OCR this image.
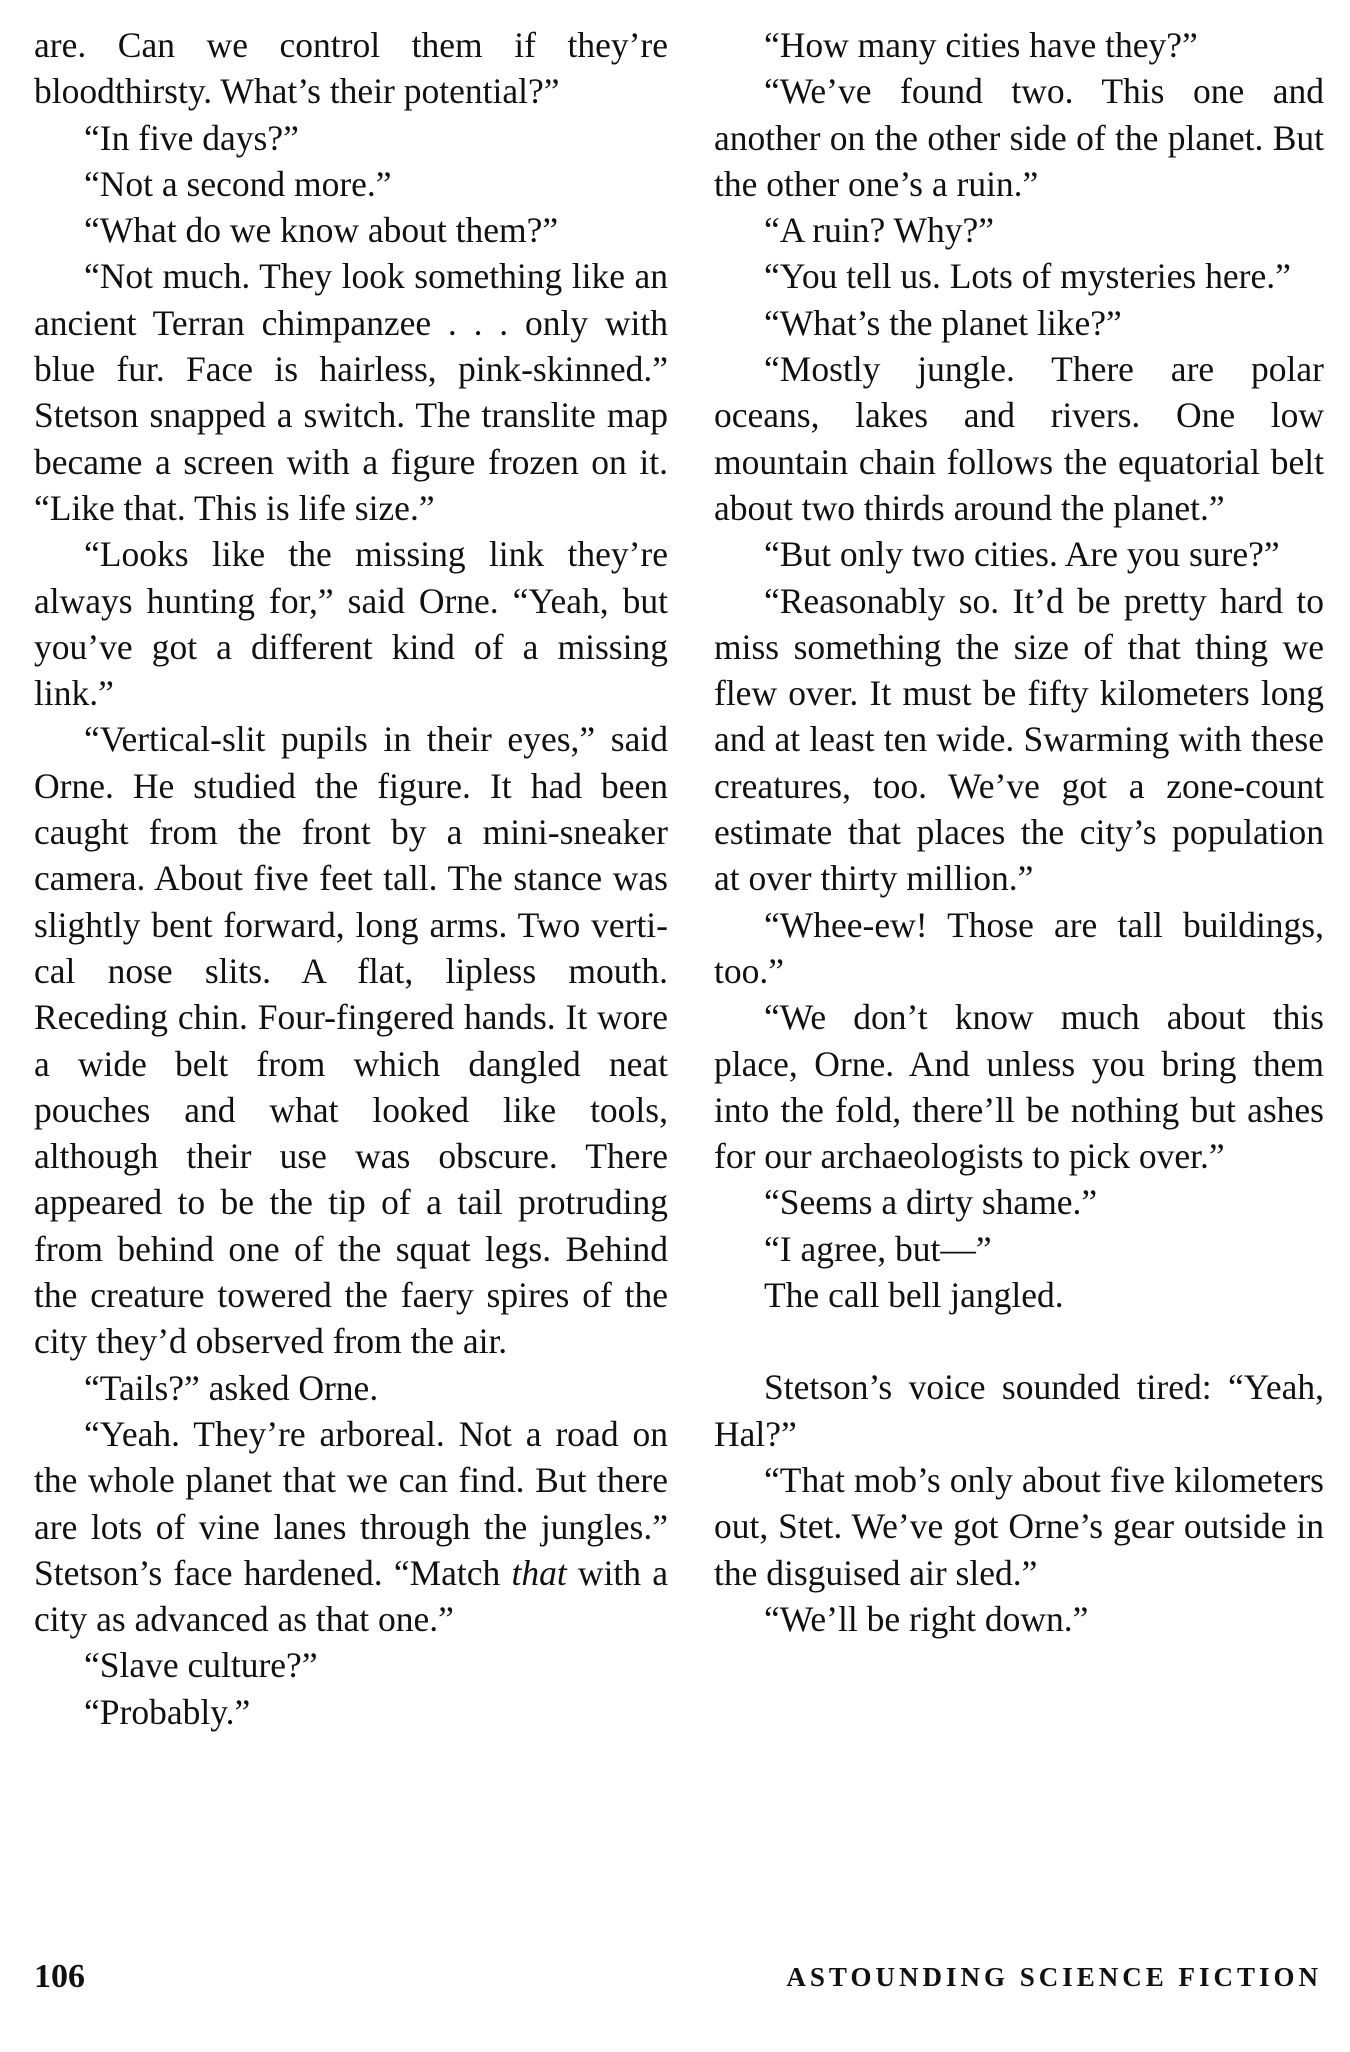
are. Can we control them if they’re bloodthirsty. What’s their potential?”

“In five days?”

“Not a second more.”

“What do we know about them?”

“Not much. They look something like an ancient Terran chimpanzee . . . only with blue fur. Face is hairless, pink-skinned.” Stetson snapped a switch. The translite map became a screen with a figure frozen on it. “Like that. This is life size.”

“Looks like the missing link they’re always hunting for,” said Orne. “Yeah, but you’ve got a different kind of a missing link.”

“Vertical-slit pupils in their eyes,” said Orne. He studied the figure. It had been caught from the front by a mini-sneaker camera. About five feet tall. The stance was slightly bent forward, long arms. Two vertical nose slits. A flat, lipless mouth. Receding chin. Four-fingered hands. It wore a wide belt from which dangled neat pouches and what looked like tools, although their use was obscure. There appeared to be the tip of a tail protruding from behind one of the squat legs. Behind the creature towered the faery spires of the city they’d observed from the air.

“Tails?” asked Orne.

“Yeah. They’re arboreal. Not a road on the whole planet that we can find. But there are lots of vine lanes through the jungles.” Stetson’s face hardened. “Match that with a city as advanced as that one.”

“Slave culture?”

“Probably.”

“How many cities have they?”

“We’ve found two. This one and another on the other side of the planet. But the other one’s a ruin.”

“A ruin? Why?”

“You tell us. Lots of mysteries here.”

“What’s the planet like?”

“Mostly jungle. There are polar oceans, lakes and rivers. One low mountain chain follows the equatorial belt about two thirds around the planet.”

“But only two cities. Are you sure?”

“Reasonably so. It’d be pretty hard to miss something the size of that thing we flew over. It must be fifty kilometers long and at least ten wide. Swarming with these creatures, too. We’ve got a zone-count estimate that places the city’s population at over thirty million.”

“Whee-ew! Those are tall buildings, too.”

“We don’t know much about this place, Orne. And unless you bring them into the fold, there’ll be nothing but ashes for our archaeologists to pick over.”

“Seems a dirty shame.”

“I agree, but—”

The call bell jangled.

Stetson’s voice sounded tired: “Yeah, Hal?”

“That mob’s only about five kilometers out, Stet. We’ve got Orne’s gear outside in the disguised air sled.”

“We’ll be right down.”

106	ASTOUNDING SCIENCE FICTION
